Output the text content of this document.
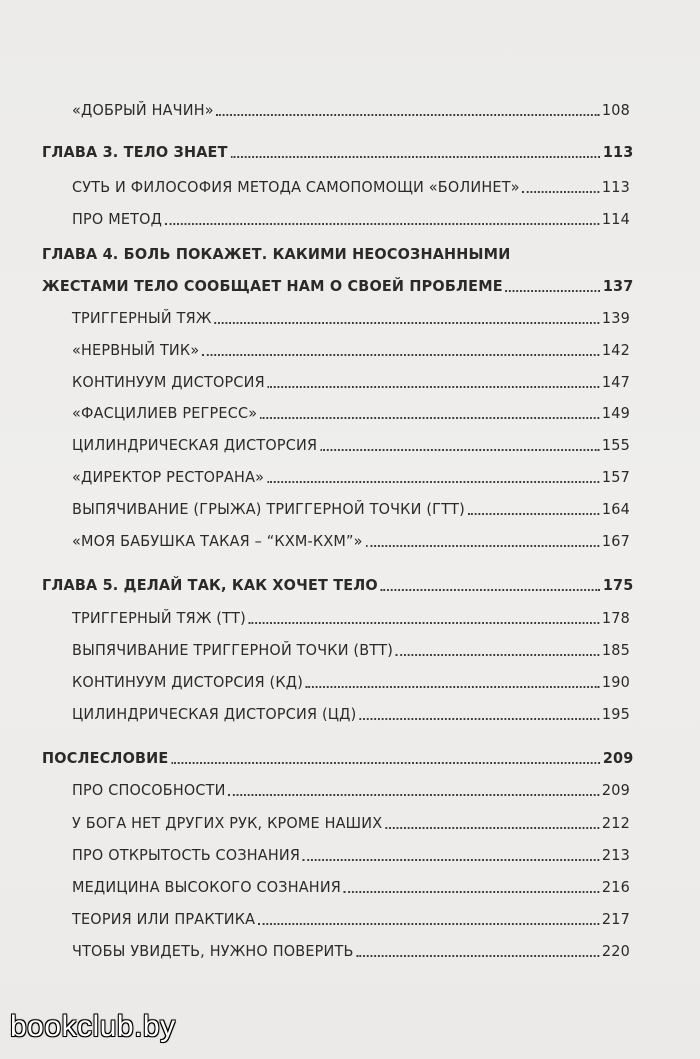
«ДОБРЫЙ НАЧИН»	108
ГЛАВА 3. ТЕЛО ЗНАЕТ	113
СУТЬ И ФИЛОСОФИЯ МЕТОДА САМОПОМОЩИ «БОЛИНЕТ»	113
ПРО МЕТОД	114
ГЛАВА 4. БОЛЬ ПОКАЖЕТ. КАКИМИ НЕОСОЗНАННЫМИ
ЖЕСТАМИ ТЕЛО СООБЩАЕТ НАМ О СВОЕЙ ПРОБЛЕМЕ	137
ТРИГГЕРНЫЙ ТЯЖ	139
«НЕРВНЫЙ ТИК»	142
КОНТИНУУМ ДИСТОРСИЯ	147
«ФАСЦИЛИЕВ РЕГРЕСС»	149
ЦИЛИНДРИЧЕСКАЯ ДИСТОРСИЯ	155
«ДИРЕКТОР РЕСТОРАНА»	157
ВЫПЯЧИВАНИЕ (ГРЫЖА) ТРИГГЕРНОЙ ТОЧКИ (ГТТ)	164
«МОЯ БАБУШКА ТАКАЯ – “КХМ-КХМ”»	167
ГЛАВА 5. ДЕЛАЙ ТАК, КАК ХОЧЕТ ТЕЛО	175
ТРИГГЕРНЫЙ ТЯЖ (ТТ)	178
ВЫПЯЧИВАНИЕ ТРИГГЕРНОЙ ТОЧКИ (ВТТ)	185
КОНТИНУУМ ДИСТОРСИЯ (КД)	190
ЦИЛИНДРИЧЕСКАЯ ДИСТОРСИЯ (ЦД)	195
ПОСЛЕСЛОВИЕ	209
ПРО СПОСОБНОСТИ	209
У БОГА НЕТ ДРУГИХ РУК, КРОМЕ НАШИХ	212
ПРО ОТКРЫТОСТЬ СОЗНАНИЯ	213
МЕДИЦИНА ВЫСОКОГО СОЗНАНИЯ	216
ТЕОРИЯ ИЛИ ПРАКТИКА	217
ЧТОБЫ УВИДЕТЬ, НУЖНО ПОВЕРИТЬ	220
bookclub.by
